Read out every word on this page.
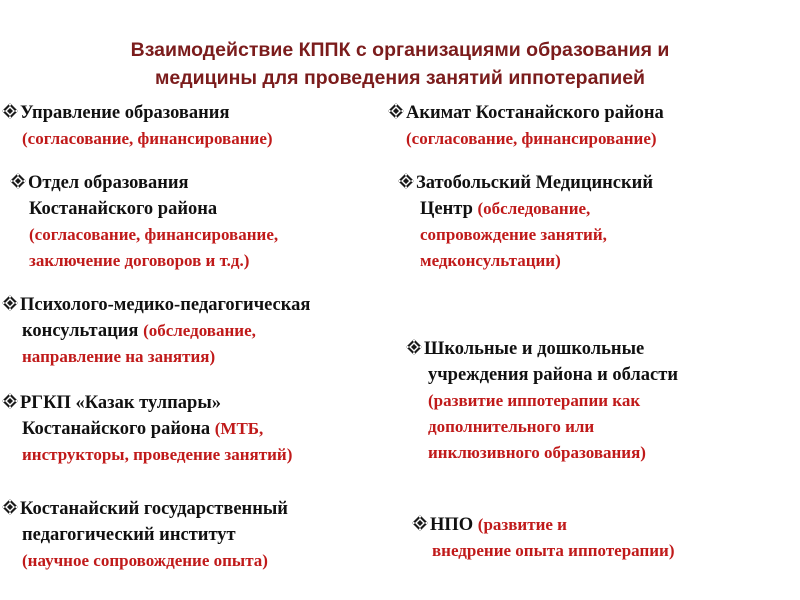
Взаимодействие КППК с организациями образования и
медицины для проведения занятий иппотерапией
Управление образования
(согласование, финансирование)
Отдел образования
Костанайского района
(согласование, финансирование,
заключение договоров и т.д.)
Психолого-медико-педагогическая
консультация (обследование,
направление на занятия)
РГКП «Казак тулпары»
Костанайского района (МТБ,
инструкторы, проведение занятий)
Костанайский государственный
педагогический институт
(научное сопровождение опыта)
Акимат Костанайского района
(согласование, финансирование)
Затобольский Медицинский
Центр (обследование,
сопровождение занятий,
медконсультации)
Школьные и дошкольные
учреждения района и области
(развитие иппотерапии как
дополнительного или
инклюзивного образования)
НПО (развитие и
внедрение опыта иппотерапии)
